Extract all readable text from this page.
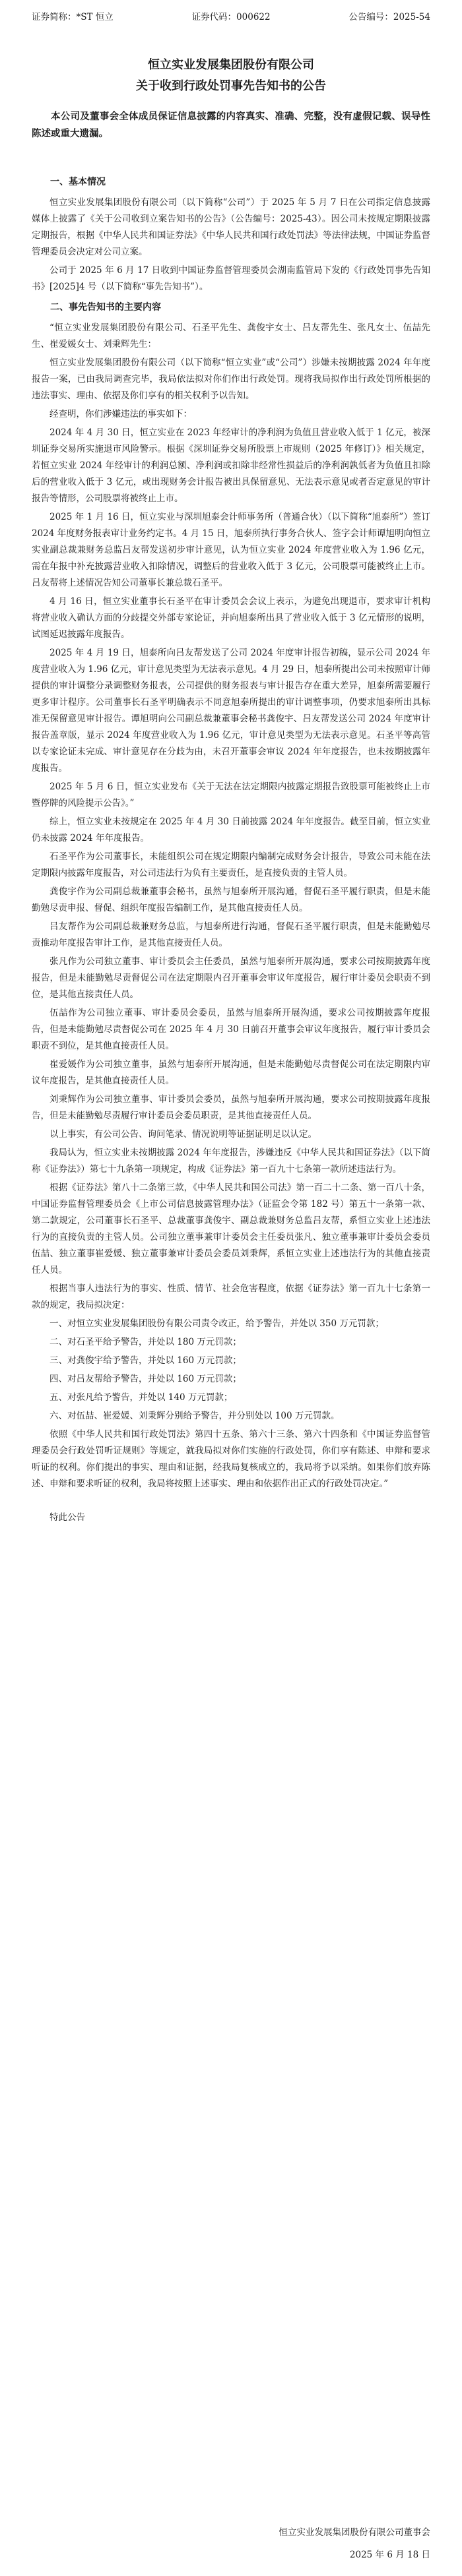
证券简称：*ST 恒立	证券代码：000622	公告编号：2025-54
恒立实业发展集团股份有限公司
关于收到行政处罚事先告知书的公告
本公司及董事会全体成员保证信息披露的内容真实、准确、完整，没有虚假记载、误导性陈述或重大遗漏。
一、基本情况

恒立实业发展集团股份有限公司（以下简称“公司”）于 2025 年 5 月 7 日在公司指定信息披露媒体上披露了《关于公司收到立案告知书的公告》（公告编号：2025-43）。因公司未按规定期限披露定期报告，根据《中华人民共和国证券法》《中华人民共和国行政处罚法》等法律法规，中国证券监督管理委员会决定对公司立案。

公司于 2025 年 6 月 17 日收到中国证券监督管理委员会湖南监管局下发的《行政处罚事先告知书》[2025]4 号（以下简称“事先告知书”）。

二、事先告知书的主要内容

“恒立实业发展集团股份有限公司、石圣平先生、龚俊宇女士、吕友帮先生、张凡女士、伍喆先生、崔爱媛女士、刘秉辉先生：

恒立实业发展集团股份有限公司（以下简称“恒立实业”或“公司”）涉嫌未按期披露 2024 年年度报告一案，已由我局调查完毕，我局依法拟对你们作出行政处罚。现将我局拟作出行政处罚所根据的违法事实、理由、依据及你们享有的相关权利予以告知。

经查明，你们涉嫌违法的事实如下：

2024 年 4 月 30 日，恒立实业在 2023 年经审计的净利润为负值且营业收入低于 1 亿元，被深圳证券交易所实施退市风险警示。根据《深圳证券交易所股票上市规则（2025 年修订）》相关规定，若恒立实业 2024 年经审计的利润总额、净利润或扣除非经常性损益后的净利润孰低者为负值且扣除后的营业收入低于 3 亿元，或出现财务会计报告被出具保留意见、无法表示意见或者否定意见的审计报告等情形，公司股票将被终止上市。

2025 年 1 月 16 日，恒立实业与深圳旭泰会计师事务所（普通合伙）（以下简称“旭泰所”）签订 2024 年度财务报表审计业务约定书。4 月 15 日，旭泰所执行事务合伙人、签字会计师谭旭明向恒立实业副总裁兼财务总监吕友帮发送初步审计意见，认为恒立实业 2024 年度营业收入为 1.96 亿元，需在年报中补充披露营业收入扣除情况，调整后的营业收入低于 3 亿元，公司股票可能被终止上市。吕友帮将上述情况告知公司董事长兼总裁石圣平。

4 月 16 日，恒立实业董事长石圣平在审计委员会会议上表示，为避免出现退市，要求审计机构将营业收入确认方面的分歧提交外部专家论证，并向旭泰所出具了营业收入低于 3 亿元情形的说明，试图延迟披露年度报告。

2025 年 4 月 19 日，旭泰所向吕友帮发送了公司 2024 年度审计报告初稿，显示公司 2024 年度营业收入为 1.96 亿元，审计意见类型为无法表示意见。4 月 29 日，旭泰所提出公司未按照审计师提供的审计调整分录调整财务报表，公司提供的财务报表与审计报告存在重大差异，旭泰所需要履行更多审计程序。公司董事长石圣平明确表示不同意旭泰所提出的审计调整事项，仍要求旭泰所出具标准无保留意见审计报告。谭旭明向公司副总裁兼董事会秘书龚俊宇、吕友帮发送公司 2024 年度审计报告盖章版，显示 2024 年度营业收入为 1.96 亿元，审计意见类型为无法表示意见。石圣平等高管以专家论证未完成、审计意见存在分歧为由，未召开董事会审议 2024 年年度报告，也未按期披露年度报告。

2025 年 5 月 6 日，恒立实业发布《关于无法在法定期限内披露定期报告致股票可能被终止上市暨停牌的风险提示公告》。”

综上，恒立实业未按规定在 2025 年 4 月 30 日前披露 2024 年年度报告。截至目前，恒立实业仍未披露 2024 年年度报告。

石圣平作为公司董事长，未能组织公司在规定期限内编制完成财务会计报告，导致公司未能在法定期限内披露年度报告，对公司违法行为负有主要责任，是直接负责的主管人员。

龚俊宇作为公司副总裁兼董事会秘书，虽然与旭泰所开展沟通，督促石圣平履行职责，但是未能勤勉尽责申报、督促、组织年度报告编制工作，是其他直接责任人员。

吕友帮作为公司副总裁兼财务总监，与旭泰所进行沟通，督促石圣平履行职责，但是未能勤勉尽责推动年度报告审计工作，是其他直接责任人员。

张凡作为公司独立董事、审计委员会主任委员，虽然与旭泰所开展沟通，要求公司按期披露年度报告，但是未能勤勉尽责督促公司在法定期限内召开董事会审议年度报告，履行审计委员会职责不到位，是其他直接责任人员。

伍喆作为公司独立董事、审计委员会委员，虽然与旭泰所开展沟通，要求公司按期披露年度报告，但是未能勤勉尽责督促公司在 2025 年 4 月 30 日前召开董事会审议年度报告，履行审计委员会职责不到位，是其他直接责任人员。

崔爱媛作为公司独立董事，虽然与旭泰所开展沟通，但是未能勤勉尽责督促公司在法定期限内审议年度报告，是其他直接责任人员。

刘秉辉作为公司独立董事、审计委员会委员，虽然与旭泰所开展沟通，要求公司按期披露年度报告，但是未能勤勉尽责履行审计委员会委员职责，是其他直接责任人员。

以上事实，有公司公告、询问笔录、情况说明等证据证明足以认定。

我局认为，恒立实业未按期披露 2024 年年度报告，涉嫌违反《中华人民共和国证券法》（以下简称《证券法》）第七十九条第一项规定，构成《证券法》第一百九十七条第一款所述违法行为。

根据《证券法》第八十二条第三款，《中华人民共和国公司法》第一百二十二条、第一百八十条，中国证券监督管理委员会《上市公司信息披露管理办法》（证监会令第 182 号）第五十一条第一款、第二款规定，公司董事长石圣平、总裁董事龚俊宇、副总裁兼财务总监吕友帮，系恒立实业上述违法行为的直接负责的主管人员。公司独立董事兼审计委员会主任委员张凡、独立董事兼审计委员会委员伍喆、独立董事崔爱媛、独立董事兼审计委员会委员刘秉辉，系恒立实业上述违法行为的其他直接责任人员。

根据当事人违法行为的事实、性质、情节、社会危害程度，依据《证券法》第一百九十七条第一款的规定，我局拟决定：

一、对恒立实业发展集团股份有限公司责令改正，给予警告，并处以 350 万元罚款；

二、对石圣平给予警告，并处以 180 万元罚款；

三、对龚俊宇给予警告，并处以 160 万元罚款；

四、对吕友帮给予警告，并处以 160 万元罚款；

五、对张凡给予警告，并处以 140 万元罚款；

六、对伍喆、崔爱媛、刘秉辉分别给予警告，并分别处以 100 万元罚款。

依照《中华人民共和国行政处罚法》第四十五条、第六十三条、第六十四条和《中国证券监督管理委员会行政处罚听证规则》等规定，就我局拟对你们实施的行政处罚，你们享有陈述、申辩和要求听证的权利。你们提出的事实、理由和证据，经我局复核成立的，我局将予以采纳。如果你们放弃陈述、申辩和要求听证的权利，我局将按照上述事实、理由和依据作出正式的行政处罚决定。”

特此公告

恒立实业发展集团股份有限公司董事会
2025 年 6 月 18 日
